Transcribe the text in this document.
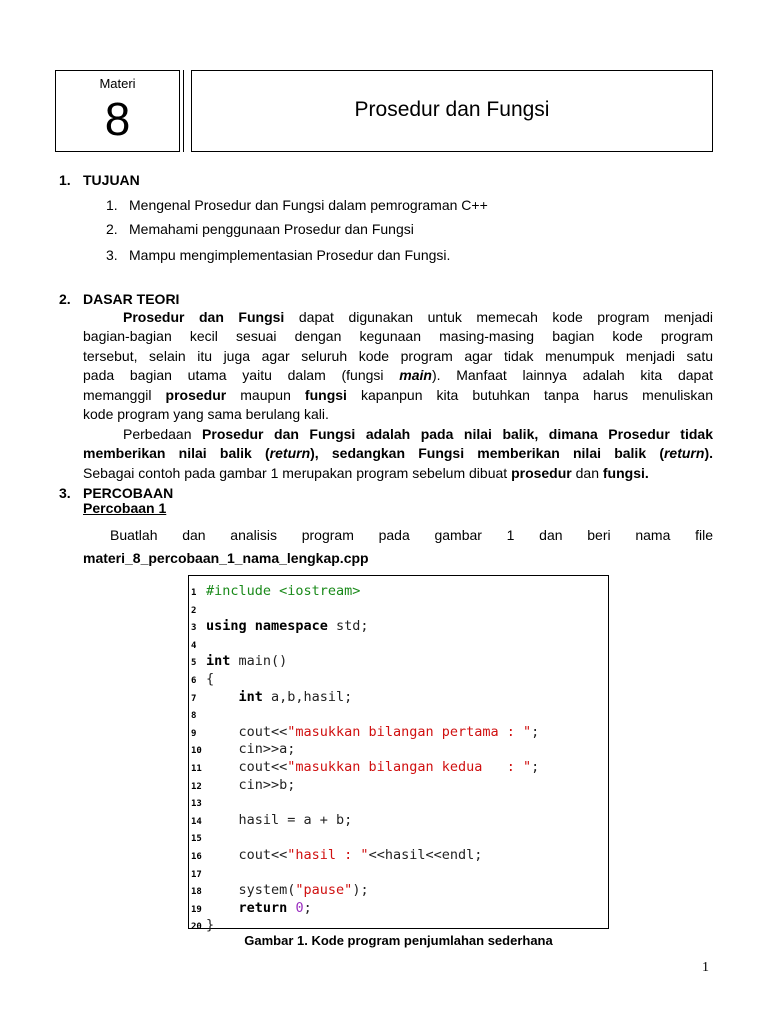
Materi
8	Prosedur dan Fungsi
1. TUJUAN
1. Mengenal Prosedur dan Fungsi dalam pemrograman C++
2. Memahami penggunaan Prosedur dan Fungsi
3. Mampu mengimplementasian Prosedur dan Fungsi.
2. DASAR TEORI
Prosedur dan Fungsi dapat digunakan untuk memecah kode program menjadi
bagian-bagian kecil sesuai dengan kegunaan masing-masing bagian kode program
tersebut, selain itu juga agar seluruh kode program agar tidak menumpuk menjadi satu
pada bagian utama yaitu dalam (fungsi main). Manfaat lainnya adalah kita dapat
memanggil prosedur maupun fungsi kapanpun kita butuhkan tanpa harus menuliskan
kode program yang sama berulang kali.
Perbedaan Prosedur dan Fungsi adalah pada nilai balik, dimana Prosedur tidak
memberikan nilai balik (return), sedangkan Fungsi memberikan nilai balik (return).
Sebagai contoh pada gambar 1 merupakan program sebelum dibuat prosedur dan fungsi.
3. PERCOBAAN
Percobaan 1
Buatlah dan analisis program pada gambar 1 dan beri nama file
materi_8_percobaan_1_nama_lengkap.cpp
1 #include <iostream>
2
3 using namespace std;
4
5 int main()
6 {
7	int a,b,hasil;
8
9    cout<<"masukkan bilangan pertama : ";
10    cin>>a;
11    cout<<"masukkan bilangan kedua   : ";
12    cin>>b;
13
14    hasil = a + b;
15
16    cout<<"hasil : "<<hasil<<endl;
17
18    system("pause");
19	return 0;
20 }
Gambar 1. Kode program penjumlahan sederhana
1
